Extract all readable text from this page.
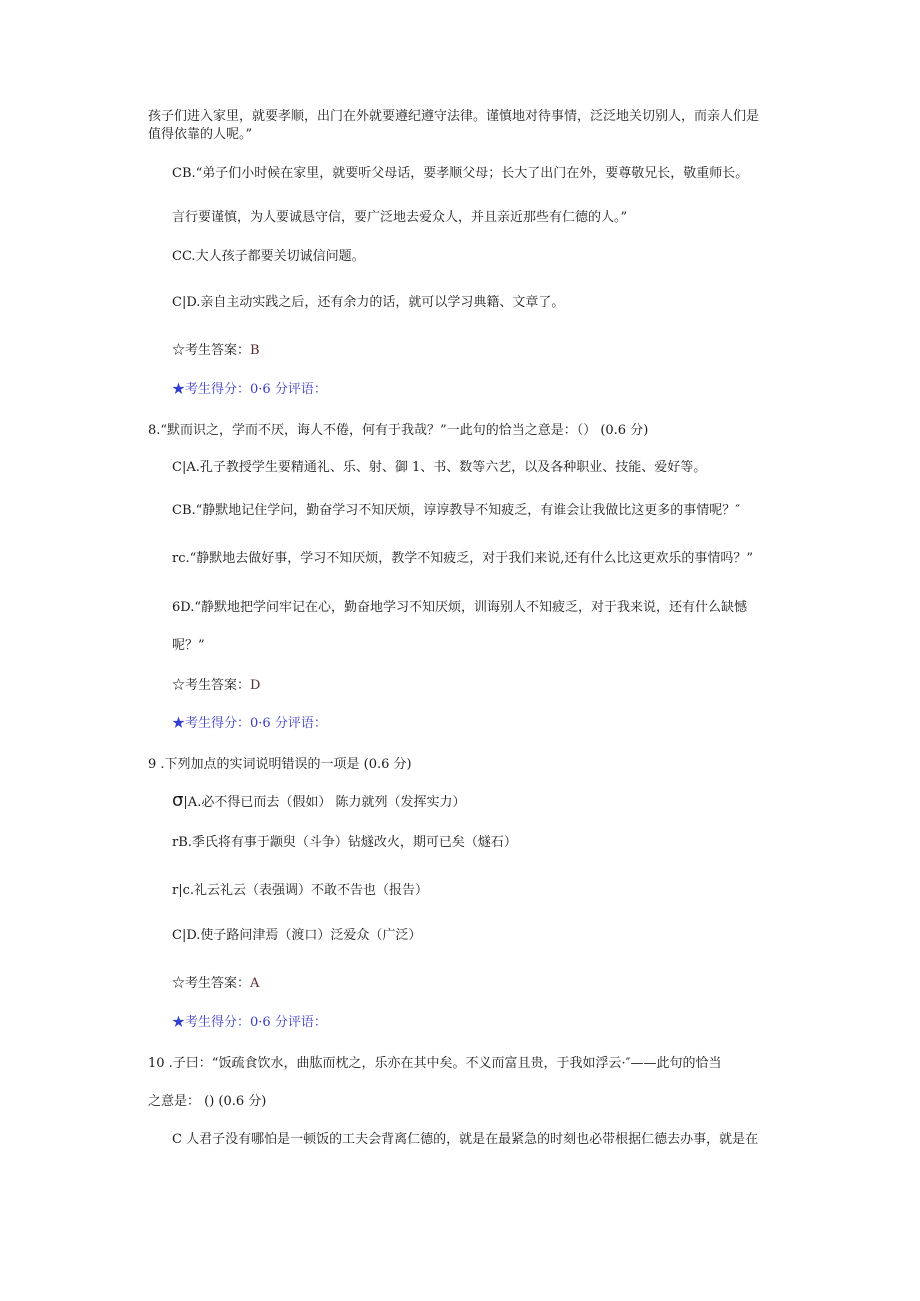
孩子们进入家里，就要孝顺，出门在外就要遵纪遵守法律。谨慎地对待事情，泛泛地关切别人，而亲人们是
值得依靠的人呢。”
CB.“弟子们小时候在家里，就要听父母话，要孝顺父母；长大了出门在外，要尊敬兄长，敬重师长。
言行要谨慎，为人要诚恳守信，要广泛地去爱众人，并且亲近那些有仁德的人。”
CC.大人孩子都要关切诚信问题。
C|D.亲自主动实践之后，还有余力的话，就可以学习典籍、文章了。
☆考生答案：B
★考生得分：0·6 分评语：
8.“默而识之，学而不厌，诲人不倦，何有于我哉？”一此句的恰当之意是：（） (0.6 分)
C|A.孔子教授学生要精通礼、乐、射、御 1、书、数等六艺，以及各种职业、技能、爱好等。
CB.“静默地记住学问，勤奋学习不知厌烦，谆谆教导不知疲乏，有谁会让我做比这更多的事情呢？″
rc.“静默地去做好事，学习不知厌烦，教学不知疲乏，对于我们来说,还有什么比这更欢乐的事情吗？”
6D.“静默地把学问牢记在心，勤奋地学习不知厌烦，训诲别人不知疲乏，对于我来说，还有什么缺憾
呢？”
☆考生答案：D
★考生得分：0·6 分评语：
9 .下列加点的实词说明错误的一项是 (0.6 分)
σ|A.必不得已而去（假如） 陈力就列（发挥实力）
rB.季氏将有事于颛臾（斗争）钻燧改火，期可已矣（燧石）
r|c.礼云礼云（表强调）不敢不告也（报告）
C|D.使子路问津焉（渡口）泛爱众（广泛）
☆考生答案：A
★考生得分：0·6 分评语：
10 .子曰：“饭疏食饮水，曲肱而枕之，乐亦在其中矣。不义而富且贵，于我如浮云·″——此句的恰当
之意是： () (0.6 分)
C 人君子没有哪怕是一顿饭的工夫会背离仁德的，就是在最紧急的时刻也必带根据仁德去办事，就是在
